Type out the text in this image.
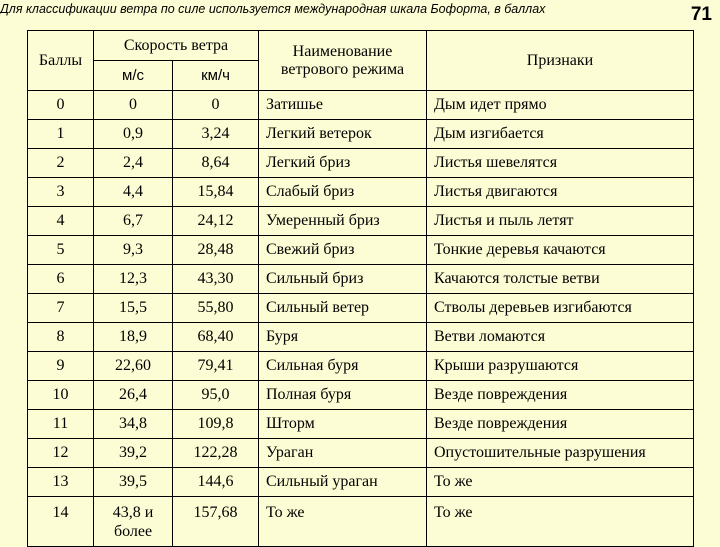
Для классификации ветра по силе используется международная шкала Бофорта, в баллах	71
Баллы	Скорость ветра		Наименование ветрового режима	Признаки
	м/с	км/ч		
0	0	0	Затишье	Дым идет прямо
1	0,9	3,24	Легкий ветерок	Дым изгибается
2	2,4	8,64	Легкий бриз	Листья шевелятся
3	4,4	15,84	Слабый бриз	Листья двигаются
4	6,7	24,12	Умеренный бриз	Листья и пыль летят
5	9,3	28,48	Свежий бриз	Тонкие деревья качаются
6	12,3	43,30	Сильный бриз	Качаются толстые ветви
7	15,5	55,80	Сильный ветер	Стволы деревьев изгибаются
8	18,9	68,40	Буря	Ветви ломаются
9	22,60	79,41	Сильная буря	Крыши разрушаются
10	26,4	95,0	Полная буря	Везде повреждения
11	34,8	109,8	Шторм	Везде повреждения
12	39,2	122,28	Ураган	Опустошительные разрушения
13	39,5	144,6	Сильный ураган	То же
14	43,8 и более	157,68	То же	То же
